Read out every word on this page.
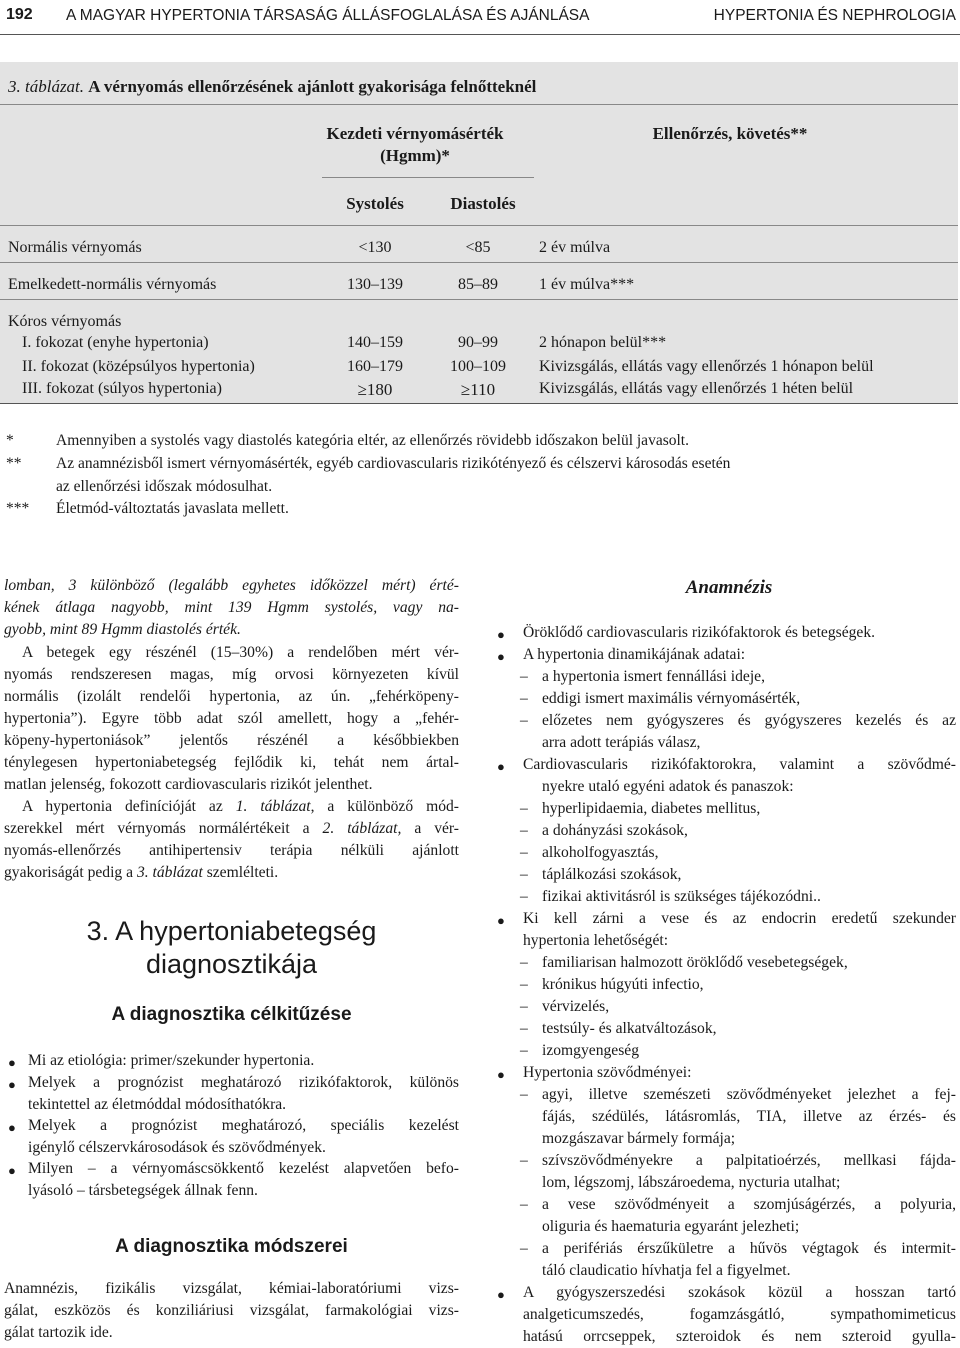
192 A MAGYAR HYPERTONIA TÁRSASÁG ÁLLÁSFOGLALÁSA ÉS AJÁNLÁSA	HYPERTONIA ÉS NEPHROLOGIA
3. táblázat. A vérnyomás ellenőrzésének ajánlott gyakorisága felnőtteknél
Kezdeti vérnyomásérték
(Hgmm)*
Ellenőrzés, követés**
Systolés	Diastolés
Normális vérnyomás	<130	<85	2 év múlva
Emelkedett-normális vérnyomás	130–139	85–89	1 év múlva***
Kóros vérnyomás
I. fokozat (enyhe hypertonia)	140–159	90–99	2 hónapon belül***
II. fokozat (középsúlyos hypertonia)	160–179	100–109	Kivizsgálás, ellátás vagy ellenőrzés 1 hónapon belül
III. fokozat (súlyos hypertonia)	≥180	≥110	Kivizsgálás, ellátás vagy ellenőrzés 1 héten belül
*	Amennyiben a systolés vagy diastolés kategória eltér, az ellenőrzés rövidebb időszakon belül javasolt.
** Az anamnézisből ismert vérnyomásérték, egyéb cardiovascularis rizikótényező és célszervi károsodás esetén
az ellenőrzési időszak módosulhat.
*** Életmód-változtatás javaslata mellett.
lomban, 3 különböző (legalább egyhetes időközzel mért) érté-
kének átlaga nagyobb, mint 139 Hgmm systolés, vagy na-
gyobb, mint 89 Hgmm diastolés érték.
A betegek egy részénél (15–30%) a rendelőben mért vér-
nyomás rendszeresen magas, míg orvosi környezeten kívül
normális (izolált rendelői hypertonia, az ún. „fehérköpeny-
hypertonia”). Egyre több adat szól amellett, hogy a „fehér-
köpeny-hypertoniások” jelentős részénél a későbbiekben
ténylegesen hypertoniabetegség fejlődik ki, tehát nem ártal-
matlan jelenség, fokozott cardiovascularis rizikót jelenthet.
A hypertonia definícióját az 1. táblázat, a különböző mód-
szerekkel mért vérnyomás normálértékeit a 2. táblázat, a vér-
nyomás-ellenőrzés antihipertensiv terápia nélküli ajánlott
gyakoriságát pedig a 3. táblázat szemlélteti.
3. A hypertoniabetegség
diagnosztikája
A diagnosztika célkitűzése
● Mi az etiológia: primer/szekunder hypertonia.
● Melyek a prognózist meghatározó rizikófaktorok, különös
tekintettel az életmóddal módosíthatókra.
● Melyek a prognózist meghatározó, speciális kezelést
igénylő célszervkárosodások és szövődmények.
● Milyen – a vérnyomáscsökkentő kezelést alapvetően befo-
lyásoló – társbetegségek állnak fenn.
A diagnosztika módszerei
Anamnézis, fizikális vizsgálat, kémiai-laboratóriumi vizs-
gálat, eszközös és konziliáriusi vizsgálat, farmakológiai vizs-
gálat tartozik ide.
Anamnézis
● Öröklődő cardiovascularis rizikófaktorok és betegségek.
● A hypertonia dinamikájának adatai:
– a hypertonia ismert fennállási ideje,
– eddigi ismert maximális vérnyomásérték,
– előzetes nem gyógyszeres és gyógyszeres kezelés és az
arra adott terápiás válasz,
● Cardiovascularis rizikófaktorokra, valamint a szövődmé-
nyekre utaló egyéni adatok és panaszok:
– hyperlipidaemia, diabetes mellitus,
– a dohányzási szokások,
– alkoholfogyasztás,
– táplálkozási szokások,
– fizikai aktivitásról is szükséges tájékozódni..
● Ki kell zárni a vese és az endocrin eredetű szekunder
hypertonia lehetőségét:
– familiarisan halmozott öröklődő vesebetegségek,
– krónikus húgyúti infectio,
– vérvizelés,
– testsúly- és alkatváltozások,
– izomgyengeség
● Hypertonia szövődményei:
– agyi, illetve szemészeti szövődményeket jelezhet a fej-
fájás, szédülés, látásromlás, TIA, illetve az érzés- és
mozgászavar bármely formája;
– szívszövődményekre a palpitatioérzés, mellkasi fájda-
lom, légszomj, lábszároedema, nycturia utalhat;
– a vese szövődményeit a szomjúságérzés, a polyuria,
oliguria és haematuria egyaránt jelezheti;
– a perifériás érszűkületre a hűvös végtagok és intermit-
táló claudicatio hívhatja fel a figyelmet.
● A gyógyszerszedési szokások közül a hosszan tartó
analgeticumszedés, fogamzásgátló, sympathomimeticus
hatású orrcseppek, szteroidok és nem szteroid gyulla-
